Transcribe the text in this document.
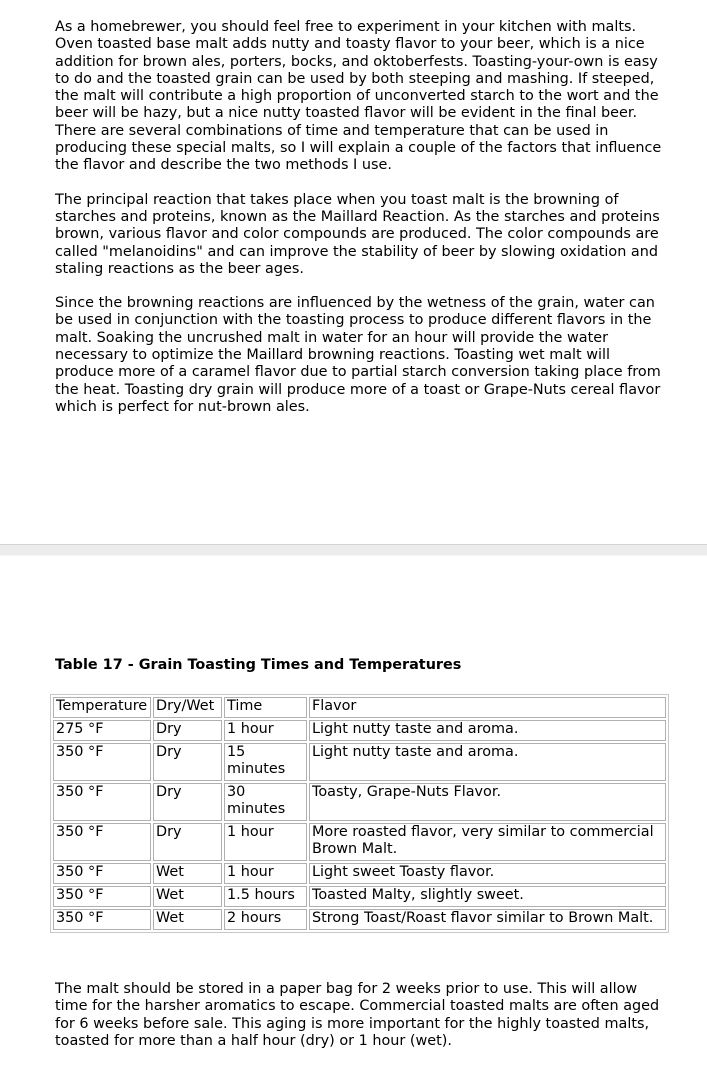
As a homebrewer, you should feel free to experiment in your kitchen with malts. Oven toasted base malt adds nutty and toasty flavor to your beer, which is a nice addition for brown ales, porters, bocks, and oktoberfests. Toasting-your-own is easy to do and the toasted grain can be used by both steeping and mashing. If steeped, the malt will contribute a high proportion of unconverted starch to the wort and the beer will be hazy, but a nice nutty toasted flavor will be evident in the final beer. There are several combinations of time and temperature that can be used in producing these special malts, so I will explain a couple of the factors that influence the flavor and describe the two methods I use.

The principal reaction that takes place when you toast malt is the browning of starches and proteins, known as the Maillard Reaction. As the starches and proteins brown, various flavor and color compounds are produced. The color compounds are called "melanoidins" and can improve the stability of beer by slowing oxidation and staling reactions as the beer ages.

Since the browning reactions are influenced by the wetness of the grain, water can be used in conjunction with the toasting process to produce different flavors in the malt. Soaking the uncrushed malt in water for an hour will provide the water necessary to optimize the Maillard browning reactions. Toasting wet malt will produce more of a caramel flavor due to partial starch conversion taking place from the heat. Toasting dry grain will produce more of a toast or Grape-Nuts cereal flavor which is perfect for nut-brown ales.

Table 17 - Grain Toasting Times and Temperatures
Temperature	Dry/Wet	Time	Flavor
275 °F	Dry	1 hour	Light nutty taste and aroma.
350 °F	Dry	15 minutes	Light nutty taste and aroma.
350 °F	Dry	30 minutes	Toasty, Grape-Nuts Flavor.
350 °F	Dry	1 hour	More roasted flavor, very similar to commercial Brown Malt.
350 °F	Wet	1 hour	Light sweet Toasty flavor.
350 °F	Wet	1.5 hours	Toasted Malty, slightly sweet.
350 °F	Wet	2 hours	Strong Toast/Roast flavor similar to Brown Malt.

The malt should be stored in a paper bag for 2 weeks prior to use. This will allow time for the harsher aromatics to escape. Commercial toasted malts are often aged for 6 weeks before sale. This aging is more important for the highly toasted malts, toasted for more than a half hour (dry) or 1 hour (wet).
